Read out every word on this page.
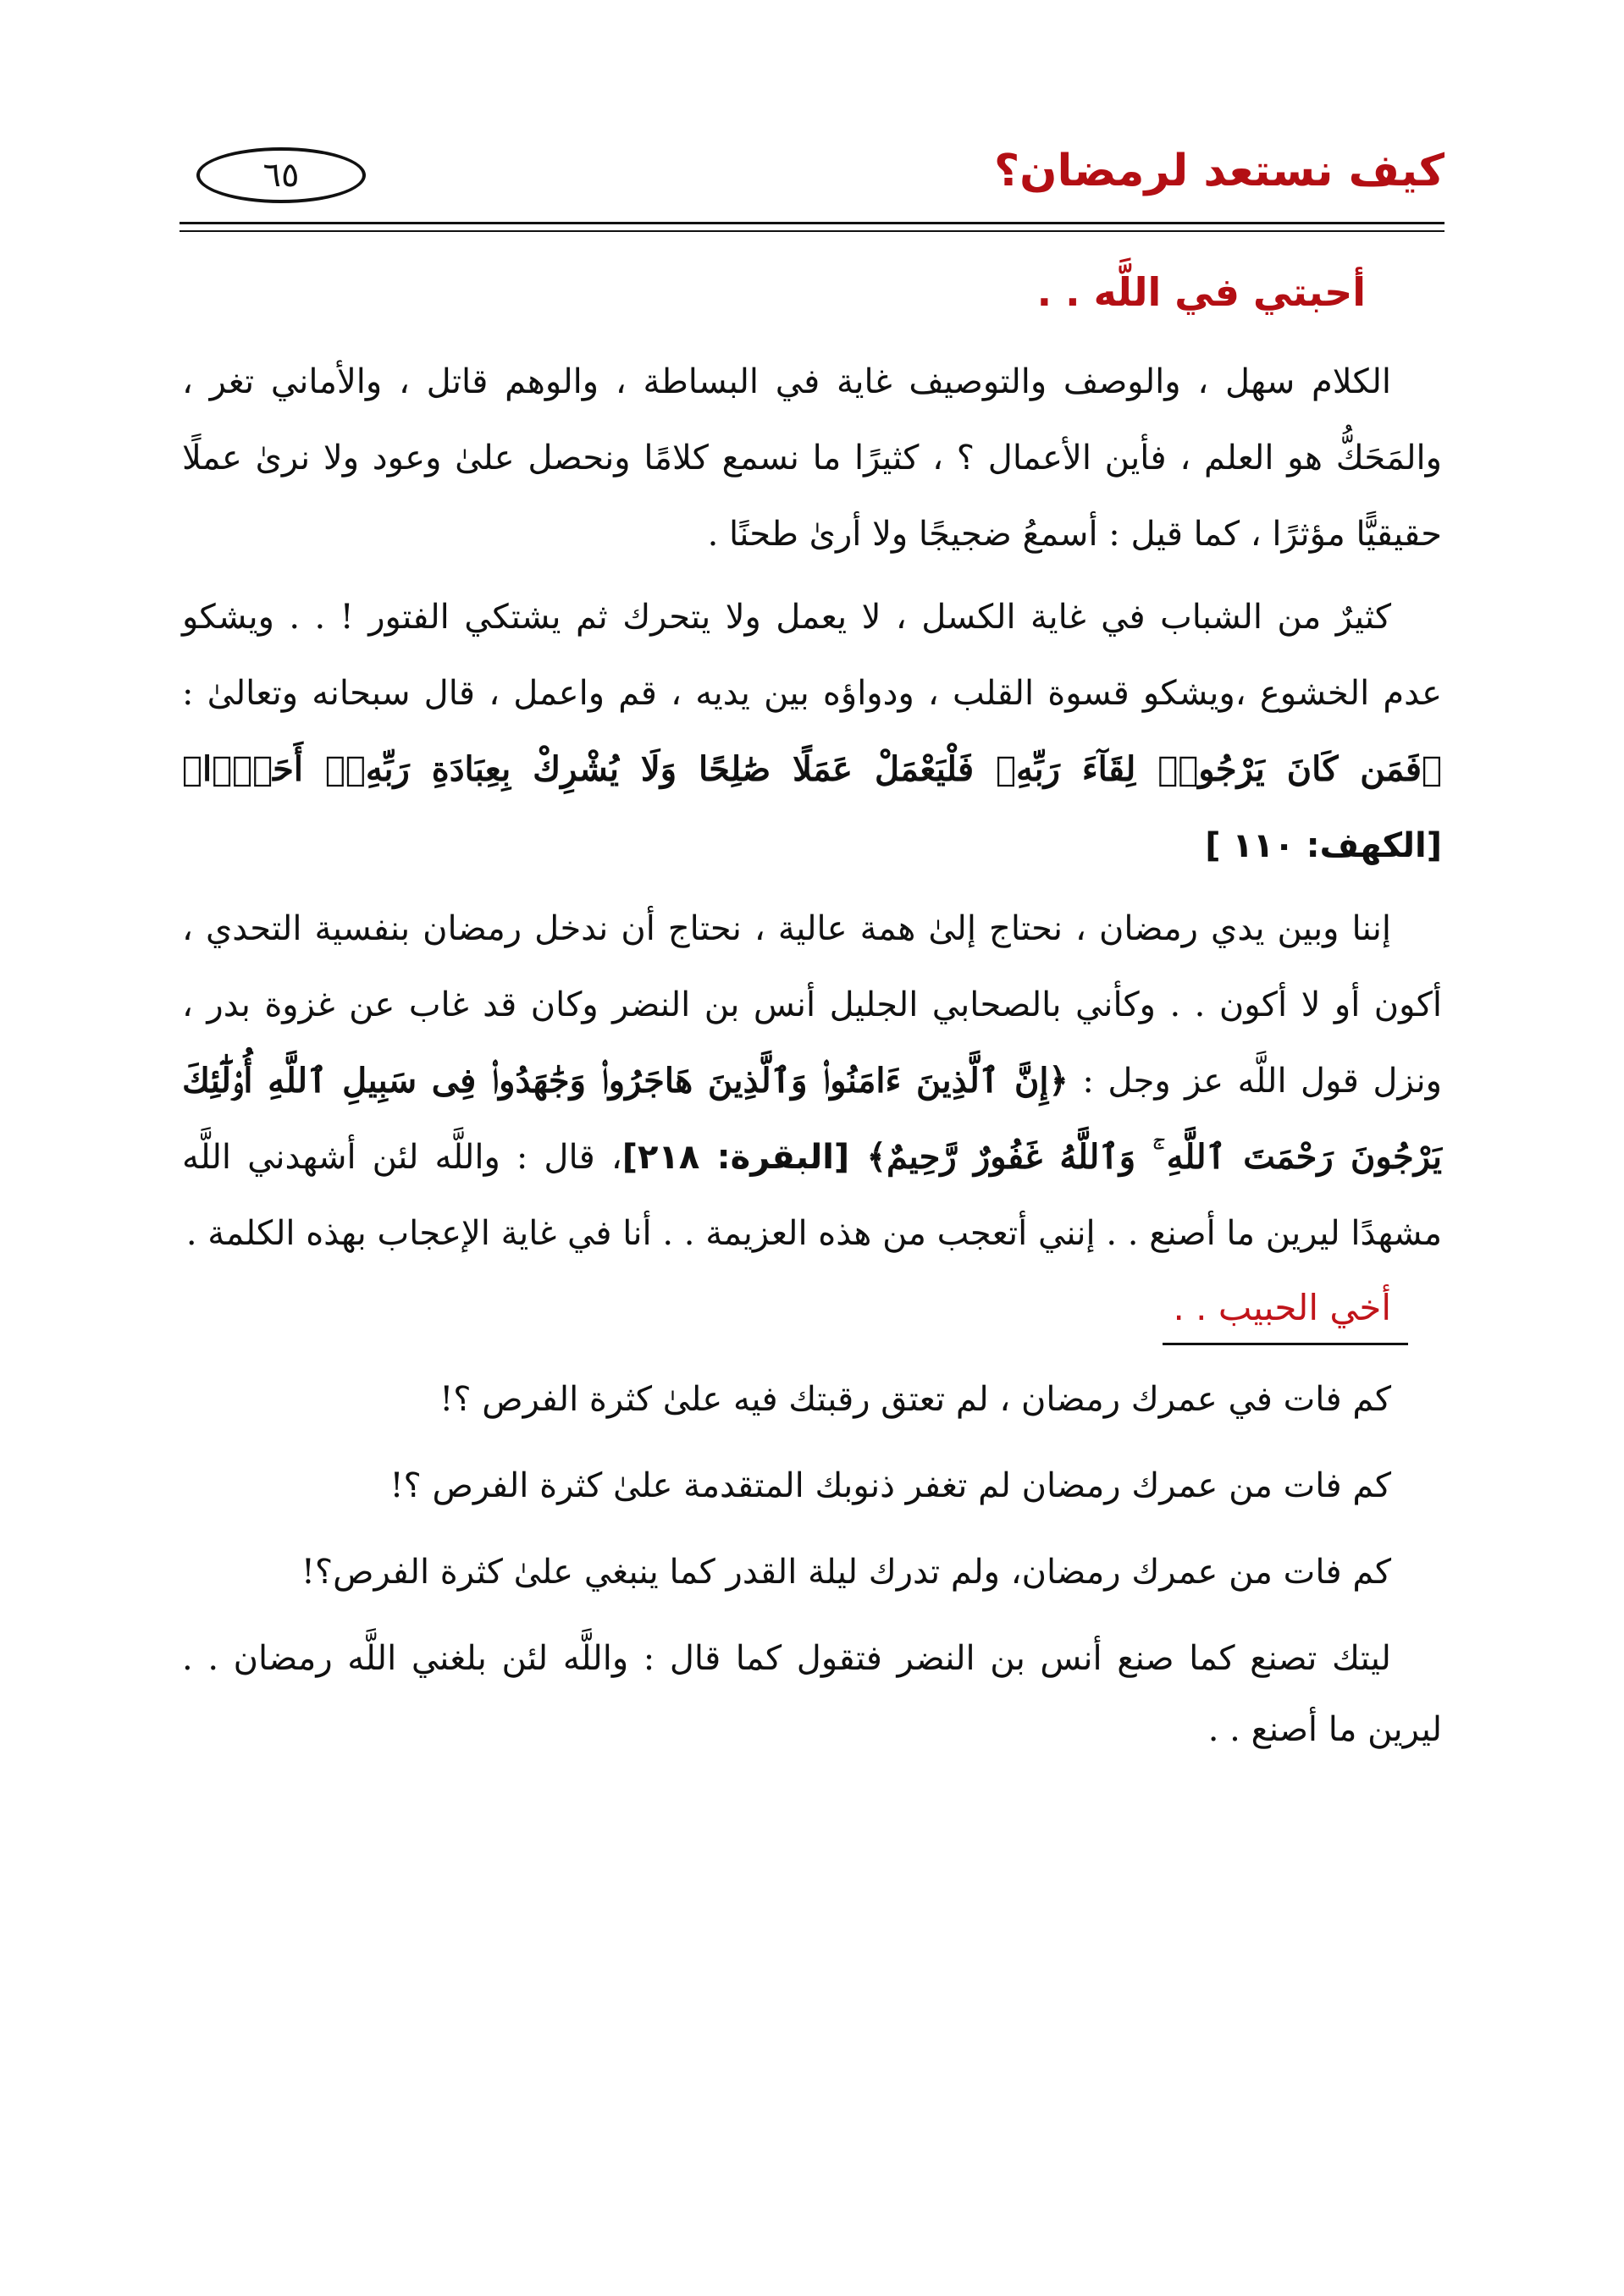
كيف نستعد لرمضان؟
٦٥
أحبتي في اللَّه . .

الكلام سهل ، والوصف والتوصيف غاية في البساطة ، والوهم قاتل ، والأماني تغر ، والمَحَكُّ هو العلم ، فأين الأعمال ؟ ، كثيرًا ما نسمع كلامًا ونحصل علىٰ وعود ولا نرىٰ عملًا حقيقيًّا مؤثرًا ، كما قيل : أسمعُ ضجيجًا ولا أرىٰ طحنًا .

كثيرٌ من الشباب في غاية الكسل ، لا يعمل ولا يتحرك ثم يشتكي الفتور ! . . ويشكو عدم الخشوع ،ويشكو قسوة القلب ، ودواؤه بين يديه ، قم واعمل ، قال سبحانه وتعالىٰ : ﴿فَمَن كَانَ يَرْجُوا۟ لِقَآءَ رَبِّهِۦ فَلْيَعْمَلْ عَمَلًا صَٰلِحًا وَلَا يُشْرِكْ بِعِبَادَةِ رَبِّهِۦٓ أَحَدًۢا﴾ [الكهف: ١١٠ ]

إننا وبين يدي رمضان ، نحتاج إلىٰ همة عالية ، نحتاج أن ندخل رمضان بنفسية التحدي ، أكون أو لا أكون . . وكأني بالصحابي الجليل أنس بن النضر وكان قد غاب عن غزوة بدر ، ونزل قول اللَّه عز وجل : ﴿إِنَّ ٱلَّذِينَ ءَامَنُوا۟ وَٱلَّذِينَ هَاجَرُوا۟ وَجَٰهَدُوا۟ فِى سَبِيلِ ٱللَّهِ أُو۟لَٰٓئِكَ يَرْجُونَ رَحْمَتَ ٱللَّهِ ۚ وَٱللَّهُ غَفُورٌ رَّحِيمٌ﴾ [البقرة: ٢١٨]، قال : واللَّه لئن أشهدني اللَّه مشهدًا ليرين ما أصنع . . إنني أتعجب من هذه العزيمة . . أنا في غاية الإعجاب بهذه الكلمة .

أخي الحبيب . .

كم فات في عمرك رمضان ، لم تعتق رقبتك فيه علىٰ كثرة الفرص ؟!

كم فات من عمرك رمضان لم تغفر ذنوبك المتقدمة علىٰ كثرة الفرص ؟!

كم فات من عمرك رمضان، ولم تدرك ليلة القدر كما ينبغي علىٰ كثرة الفرص؟!

ليتك تصنع كما صنع أنس بن النضر فتقول كما قال : واللَّه لئن بلغني اللَّه رمضان . . ليرين ما أصنع . .
